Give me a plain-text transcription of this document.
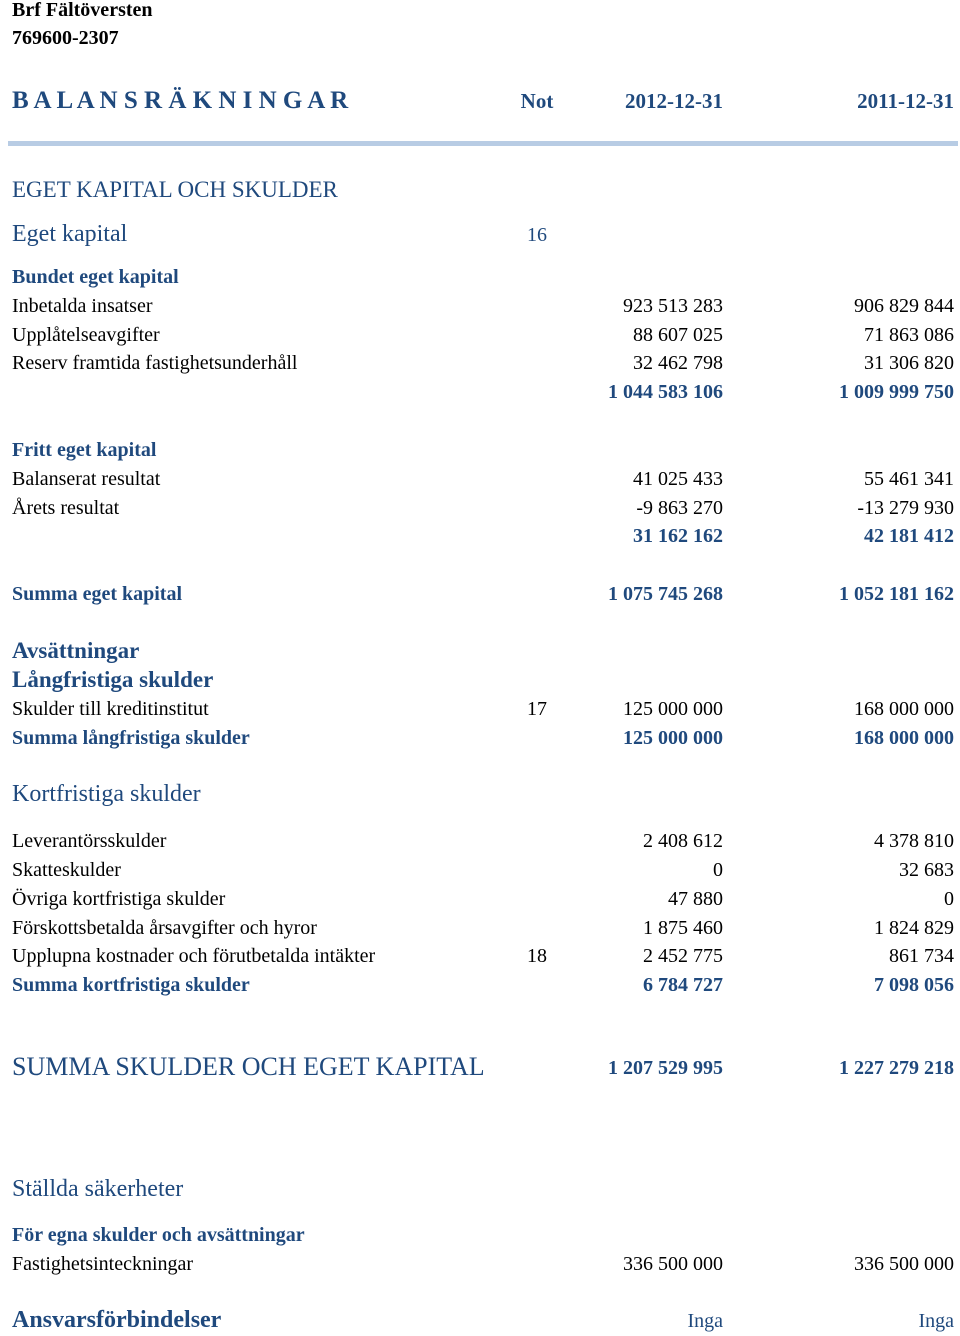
Brf Fältöversten
769600-2307
B A L A N S R Ä K N I N G A R	Not	2012-12-31	2011-12-31
EGET KAPITAL OCH SKULDER
Eget kapital	16
Bundet eget kapital
Inbetalda insatser	923 513 283	906 829 844
Upplåtelseavgifter	88 607 025	71 863 086
Reserv framtida fastighetsunderhåll	32 462 798	31 306 820
1 044 583 106	1 009 999 750
Fritt eget kapital
Balanserat resultat	41 025 433	55 461 341
Årets resultat	-9 863 270	-13 279 930
31 162 162	42 181 412
Summa eget kapital	1 075 745 268	1 052 181 162
Avsättningar
Långfristiga skulder
Skulder till kreditinstitut	17	125 000 000	168 000 000
Summa långfristiga skulder	125 000 000	168 000 000
Kortfristiga skulder
Leverantörsskulder	2 408 612	4 378 810
Skatteskulder	0	32 683
Övriga kortfristiga skulder	47 880	0
Förskottsbetalda årsavgifter och hyror	1 875 460	1 824 829
Upplupna kostnader och förutbetalda intäkter	18	2 452 775	861 734
Summa kortfristiga skulder	6 784 727	7 098 056
SUMMA SKULDER OCH EGET KAPITAL	1 207 529 995	1 227 279 218
Ställda säkerheter
För egna skulder och avsättningar
Fastighetsinteckningar	336 500 000	336 500 000
Ansvarsförbindelser	Inga	Inga
